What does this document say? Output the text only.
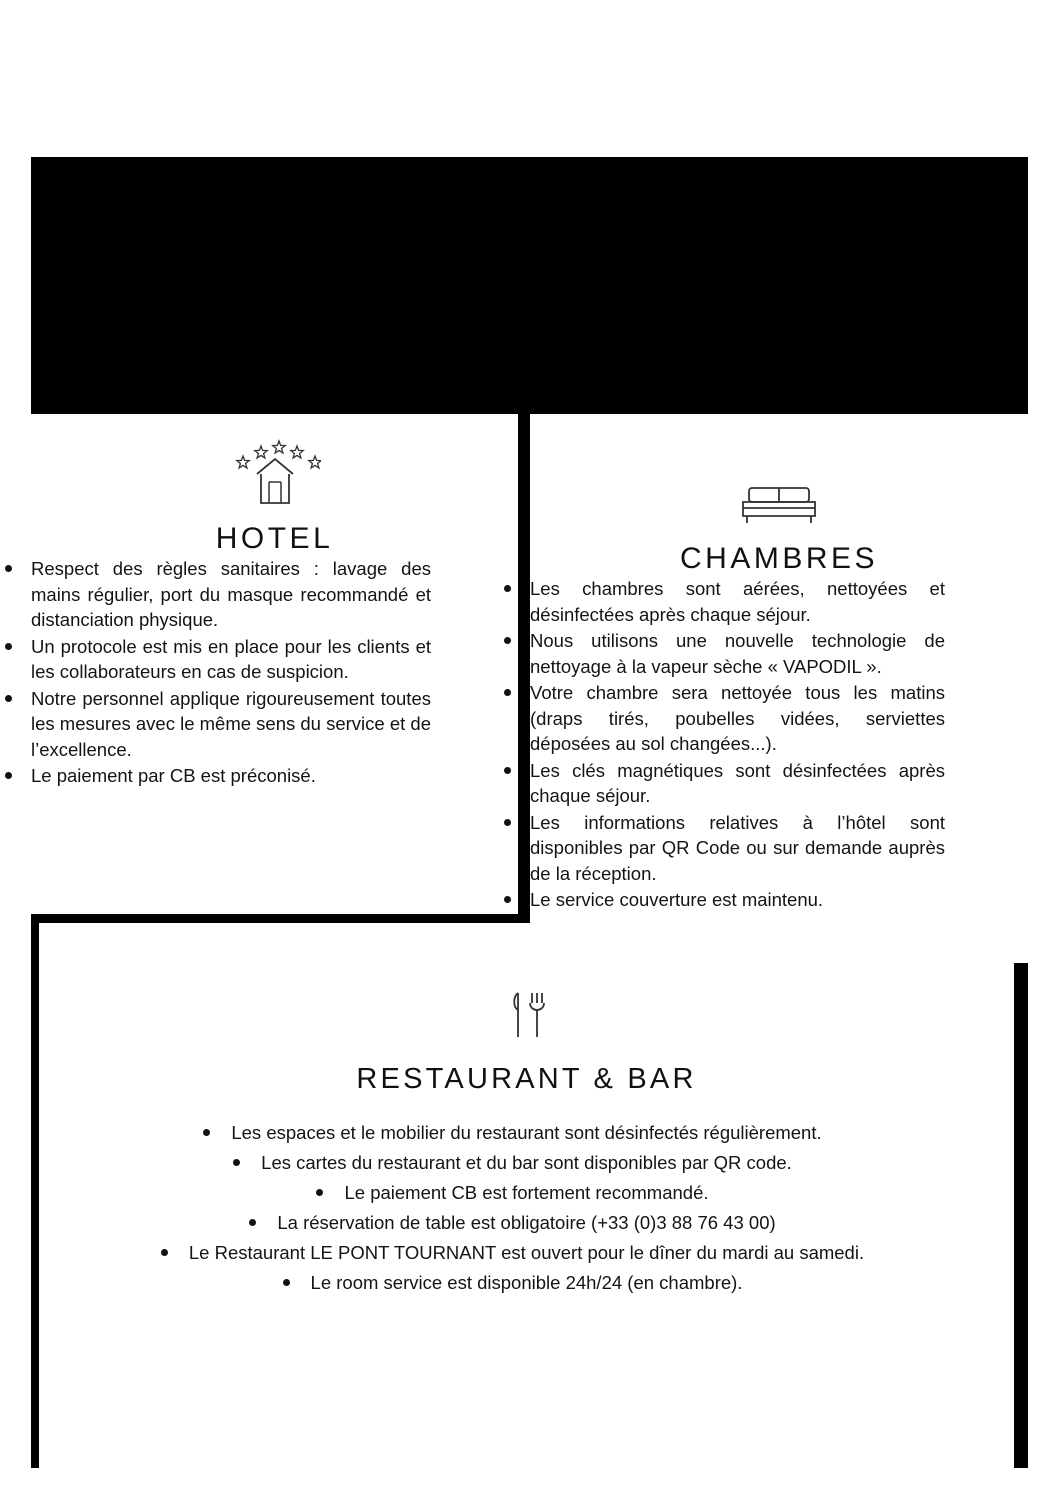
HOTEL
Respect des règles sanitaires : lavage des mains régulier, port du masque recommandé et distanciation physique.
Un protocole est mis en place pour les clients et les collaborateurs en cas de suspicion.
Notre personnel applique rigoureusement toutes les mesures avec le même sens du service et de l’excellence.
Le paiement par CB est préconisé.
CHAMBRES
Les chambres sont aérées, nettoyées et désinfectées après chaque séjour.
Nous utilisons une nouvelle technologie de nettoyage à la vapeur sèche « VAPODIL ».
Votre chambre sera nettoyée tous les matins (draps tirés, poubelles vidées, serviettes déposées au sol changées...).
Les clés magnétiques sont désinfectées après chaque séjour.
Les informations relatives à l’hôtel sont disponibles par QR Code ou sur demande auprès de la réception.
Le service couverture est maintenu.
RESTAURANT & BAR
Les espaces et le mobilier du restaurant sont désinfectés régulièrement.
Les cartes du restaurant et du bar sont disponibles par QR code.
Le paiement CB est fortement recommandé.
La réservation de table est obligatoire (+33 (0)3 88 76 43 00)
Le Restaurant LE PONT TOURNANT est ouvert pour le dîner du mardi au samedi.
Le room service est disponible 24h/24 (en chambre).
